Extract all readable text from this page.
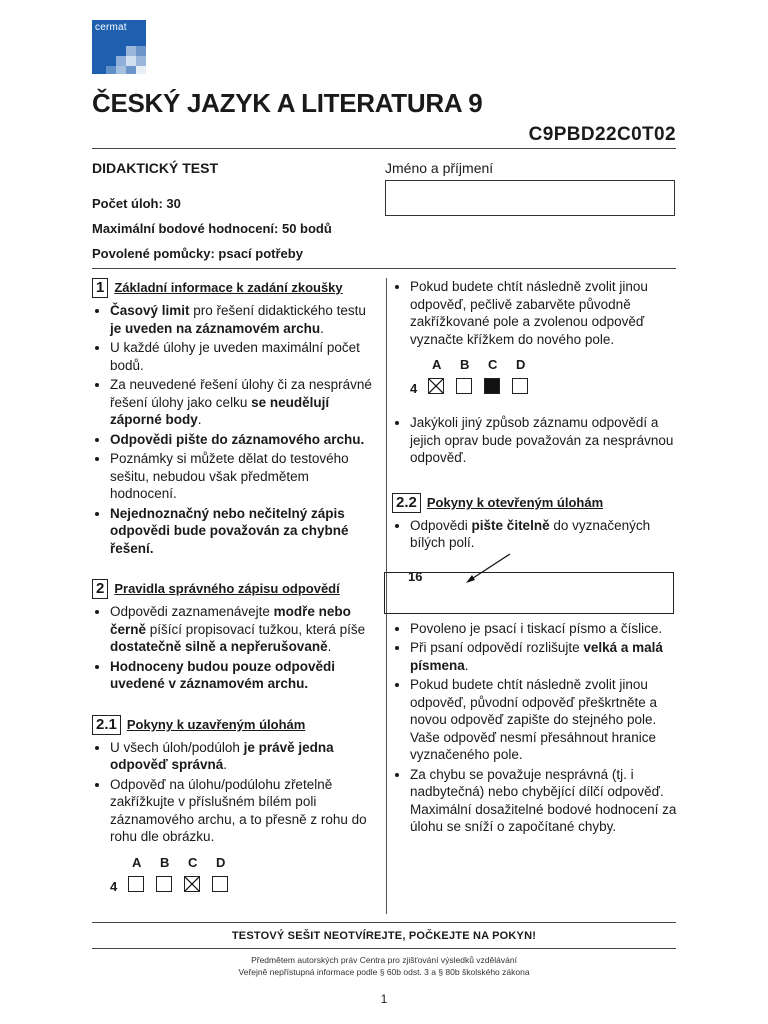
cermat
ČESKÝ JAZYK A LITERATURA 9
C9PBD22C0T02
DIDAKTICKÝ TEST
Počet úloh: 30
Maximální bodové hodnocení: 50 bodů
Povolené pomůcky: psací potřeby
Jméno a příjmení
1 Základní informace k zadání zkoušky
• Časový limit pro řešení didaktického testu je uveden na záznamovém archu.
• U každé úlohy je uveden maximální počet bodů.
• Za neuvedené řešení úlohy či za nesprávné řešení úlohy jako celku se neudělují záporné body.
• Odpovědi pište do záznamového archu.
• Poznámky si můžete dělat do testového sešitu, nebudou však předmětem hodnocení.
• Nejednoznačný nebo nečitelný zápis odpovědi bude považován za chybné řešení.
2 Pravidla správného zápisu odpovědí
• Odpovědi zaznamenávejte modře nebo černě píšící propisovací tužkou, která píše dostatečně silně a nepřerušovaně.
• Hodnoceny budou pouze odpovědi uvedené v záznamovém archu.
2.1 Pokyny k uzavřeným úlohám
• U všech úloh/podúloh je právě jedna odpověď správná.
• Odpověď na úlohu/podúlohu zřetelně zakřížkujte v příslušném bílém poli záznamového archu, a to přesně z rohu do rohu dle obrázku.
A B C D
4
• Pokud budete chtít následně zvolit jinou odpověď, pečlivě zabarvěte původně zakřížkované pole a zvolenou odpověď vyznačte křížkem do nového pole.
A B C D
4
• Jakýkoli jiný způsob záznamu odpovědí a jejich oprav bude považován za nesprávnou odpověď.
2.2 Pokyny k otevřeným úlohám
• Odpovědi pište čitelně do vyznačených bílých polí.
16
• Povoleno je psací i tiskací písmo a číslice.
• Při psaní odpovědí rozlišujte velká a malá písmena.
• Pokud budete chtít následně zvolit jinou odpověď, původní odpověď přeškrtněte a novou odpověď zapište do stejného pole. Vaše odpověď nesmí přesáhnout hranice vyznačeného pole.
• Za chybu se považuje nesprávná (tj. i nadbytečná) nebo chybějící dílčí odpověď. Maximální dosažitelné bodové hodnocení za úlohu se sníží o započítané chyby.
TESTOVÝ SEŠIT NEOTVÍREJTE, POČKEJTE NA POKYN!
Předmětem autorských práv Centra pro zjišťování výsledků vzdělávání
Veřejně nepřístupná informace podle § 60b odst. 3 a § 80b školského zákona
1
